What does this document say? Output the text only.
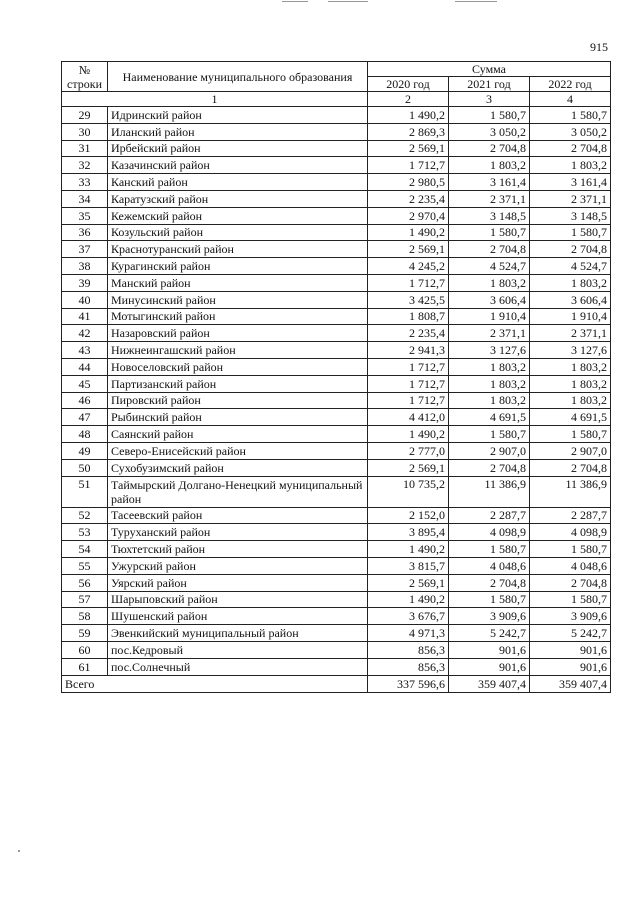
915
№ строки	Наименование муниципального образования	Сумма		
		2020 год	2021 год	2022 год
1		2	3	4
29	Идринский район	1 490,2	1 580,7	1 580,7
30	Иланский район	2 869,3	3 050,2	3 050,2
31	Ирбейский район	2 569,1	2 704,8	2 704,8
32	Казачинский район	1 712,7	1 803,2	1 803,2
33	Канский район	2 980,5	3 161,4	3 161,4
34	Каратузский район	2 235,4	2 371,1	2 371,1
35	Кежемский район	2 970,4	3 148,5	3 148,5
36	Козульский район	1 490,2	1 580,7	1 580,7
37	Краснотуранский район	2 569,1	2 704,8	2 704,8
38	Курагинский район	4 245,2	4 524,7	4 524,7
39	Манский район	1 712,7	1 803,2	1 803,2
40	Минусинский район	3 425,5	3 606,4	3 606,4
41	Мотыгинский район	1 808,7	1 910,4	1 910,4
42	Назаровский район	2 235,4	2 371,1	2 371,1
43	Нижнеингашский район	2 941,3	3 127,6	3 127,6
44	Новоселовский район	1 712,7	1 803,2	1 803,2
45	Партизанский район	1 712,7	1 803,2	1 803,2
46	Пировский район	1 712,7	1 803,2	1 803,2
47	Рыбинский район	4 412,0	4 691,5	4 691,5
48	Саянский район	1 490,2	1 580,7	1 580,7
49	Северо-Енисейский район	2 777,0	2 907,0	2 907,0
50	Сухобузимский район	2 569,1	2 704,8	2 704,8
51	Таймырский Долгано-Ненецкий муниципальный район	10 735,2	11 386,9	11 386,9
52	Тасеевский район	2 152,0	2 287,7	2 287,7
53	Туруханский район	3 895,4	4 098,9	4 098,9
54	Тюхтетский район	1 490,2	1 580,7	1 580,7
55	Ужурский район	3 815,7	4 048,6	4 048,6
56	Уярский район	2 569,1	2 704,8	2 704,8
57	Шарыповский район	1 490,2	1 580,7	1 580,7
58	Шушенский район	3 676,7	3 909,6	3 909,6
59	Эвенкийский муниципальный район	4 971,3	5 242,7	5 242,7
60	пос.Кедровый	856,3	901,6	901,6
61	пос.Солнечный	856,3	901,6	901,6
Всего		337 596,6	359 407,4	359 407,4
